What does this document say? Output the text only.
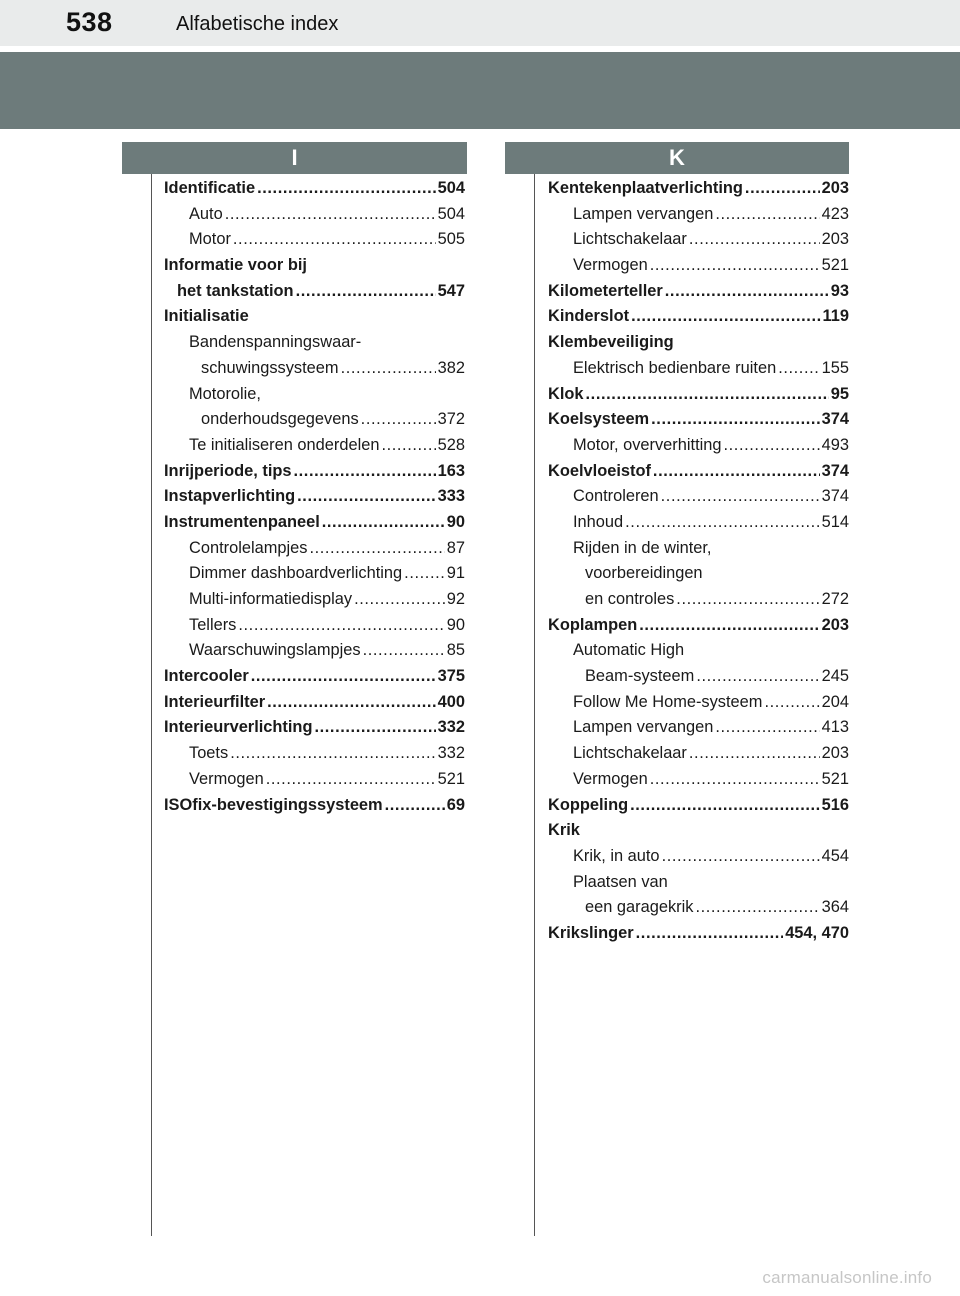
538	Alfabetische index
I	K
Identificatie .....	504
Auto .....	504
Motor .....	505
Informatie voor bij
het tankstation .....	547
Initialisatie
Bandenspanningswaar-
schuwingssysteem .....	382
Motorolie,
onderhoudsgegevens .....	372
Te initialiseren onderdelen .....	528
Inrijperiode, tips .....	163
Instapverlichting .....	333
Instrumentenpaneel .....	90
Controlelampjes .....	87
Dimmer dashboardverlichting .....	91
Multi-informatiedisplay .....	92
Tellers .....	90
Waarschuwingslampjes .....	85
Intercooler .....	375
Interieurfilter .....	400
Interieurverlichting .....	332
Toets .....	332
Vermogen .....	521
ISOfix-bevestigingssysteem .....	69
Kentekenplaatverlichting .....	203
Lampen vervangen .....	423
Lichtschakelaar .....	203
Vermogen .....	521
Kilometerteller .....	93
Kinderslot .....	119
Klembeveiliging
Elektrisch bedienbare ruiten .....	155
Klok .....	95
Koelsysteem .....	374
Motor, oververhitting .....	493
Koelvloeistof .....	374
Controleren .....	374
Inhoud .....	514
Rijden in de winter,
voorbereidingen
en controles .....	272
Koplampen .....	203
Automatic High
Beam-systeem .....	245
Follow Me Home-systeem .....	204
Lampen vervangen .....	413
Lichtschakelaar .....	203
Vermogen .....	521
Koppeling .....	516
Krik
Krik, in auto .....	454
Plaatsen van
een garagekrik .....	364
Krikslinger .....	454, 470
carmanualsonline.info
